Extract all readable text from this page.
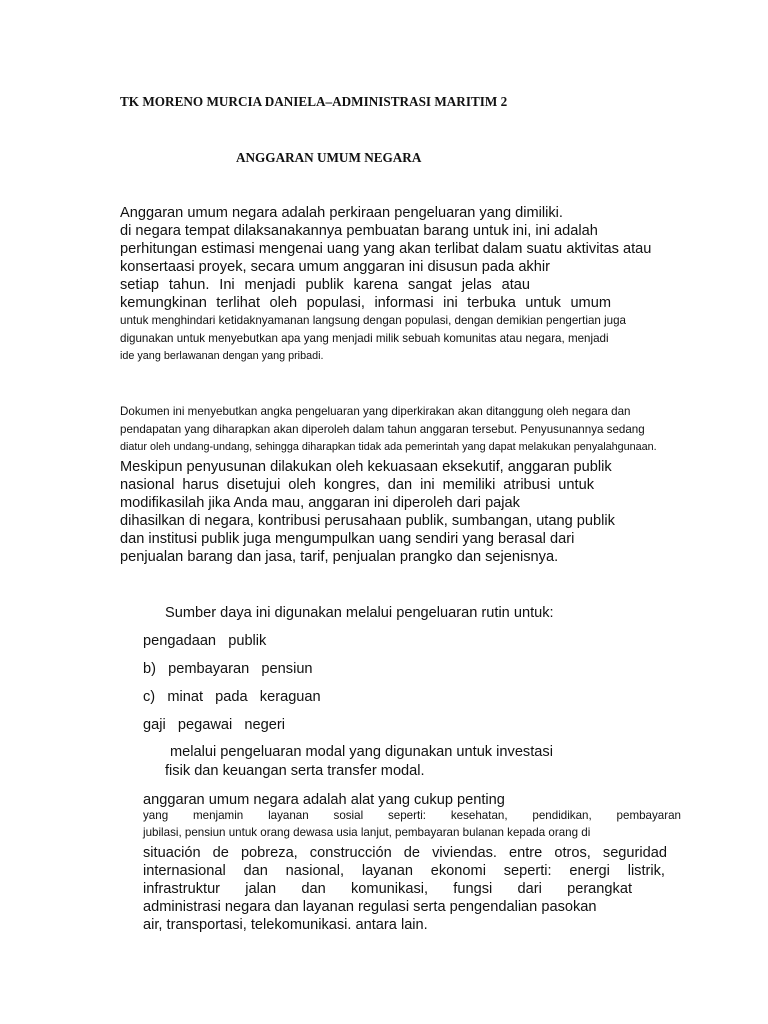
TK MORENO MURCIA DANIELA–ADMINISTRASI MARITIM 2
ANGGARAN UMUM NEGARA
Anggaran umum negara adalah perkiraan pengeluaran yang dimiliki.
di negara tempat dilaksanakannya pembuatan barang untuk ini, ini adalah
perhitungan estimasi mengenai uang yang akan terlibat dalam suatu aktivitas atau
konsertaasi proyek, secara umum anggaran ini disusun pada akhir
setiap tahun. Ini menjadi publik karena sangat jelas atau
kemungkinan terlihat oleh populasi, informasi ini terbuka untuk umum
untuk menghindari ketidaknyamanan langsung dengan populasi, dengan demikian pengertian juga
digunakan untuk menyebutkan apa yang menjadi milik sebuah komunitas atau negara, menjadi
ide yang berlawanan dengan yang pribadi.
Dokumen ini menyebutkan angka pengeluaran yang diperkirakan akan ditanggung oleh negara dan
pendapatan yang diharapkan akan diperoleh dalam tahun anggaran tersebut. Penyusunannya sedang
diatur oleh undang-undang, sehingga diharapkan tidak ada pemerintah yang dapat melakukan penyalahgunaan.
Meskipun penyusunan dilakukan oleh kekuasaan eksekutif, anggaran publik
nasional harus disetujui oleh kongres, dan ini memiliki atribusi untuk
modifikasilah jika Anda mau, anggaran ini diperoleh dari pajak
dihasilkan di negara, kontribusi perusahaan publik, sumbangan, utang publik
dan institusi publik juga mengumpulkan uang sendiri yang berasal dari
penjualan barang dan jasa, tarif, penjualan prangko dan sejenisnya.
Sumber daya ini digunakan melalui pengeluaran rutin untuk:
pengadaan   publik
b)   pembayaran   pensiun
c)   minat   pada   keraguan
gaji   pegawai   negeri
melalui pengeluaran modal yang digunakan untuk investasi
fisik dan keuangan serta transfer modal.
anggaran umum negara adalah alat yang cukup penting
yang menjamin layanan sosial seperti: kesehatan, pendidikan, pembayaran
jubilasi, pensiun untuk orang dewasa usia lanjut, pembayaran bulanan kepada orang di
situación de pobreza, construcción de viviendas. entre otros, seguridad
internasional dan nasional, layanan ekonomi seperti: energi listrik,
infrastruktur jalan dan komunikasi, fungsi dari perangkat
administrasi negara dan layanan regulasi serta pengendalian pasokan
air, transportasi, telekomunikasi. antara lain.
